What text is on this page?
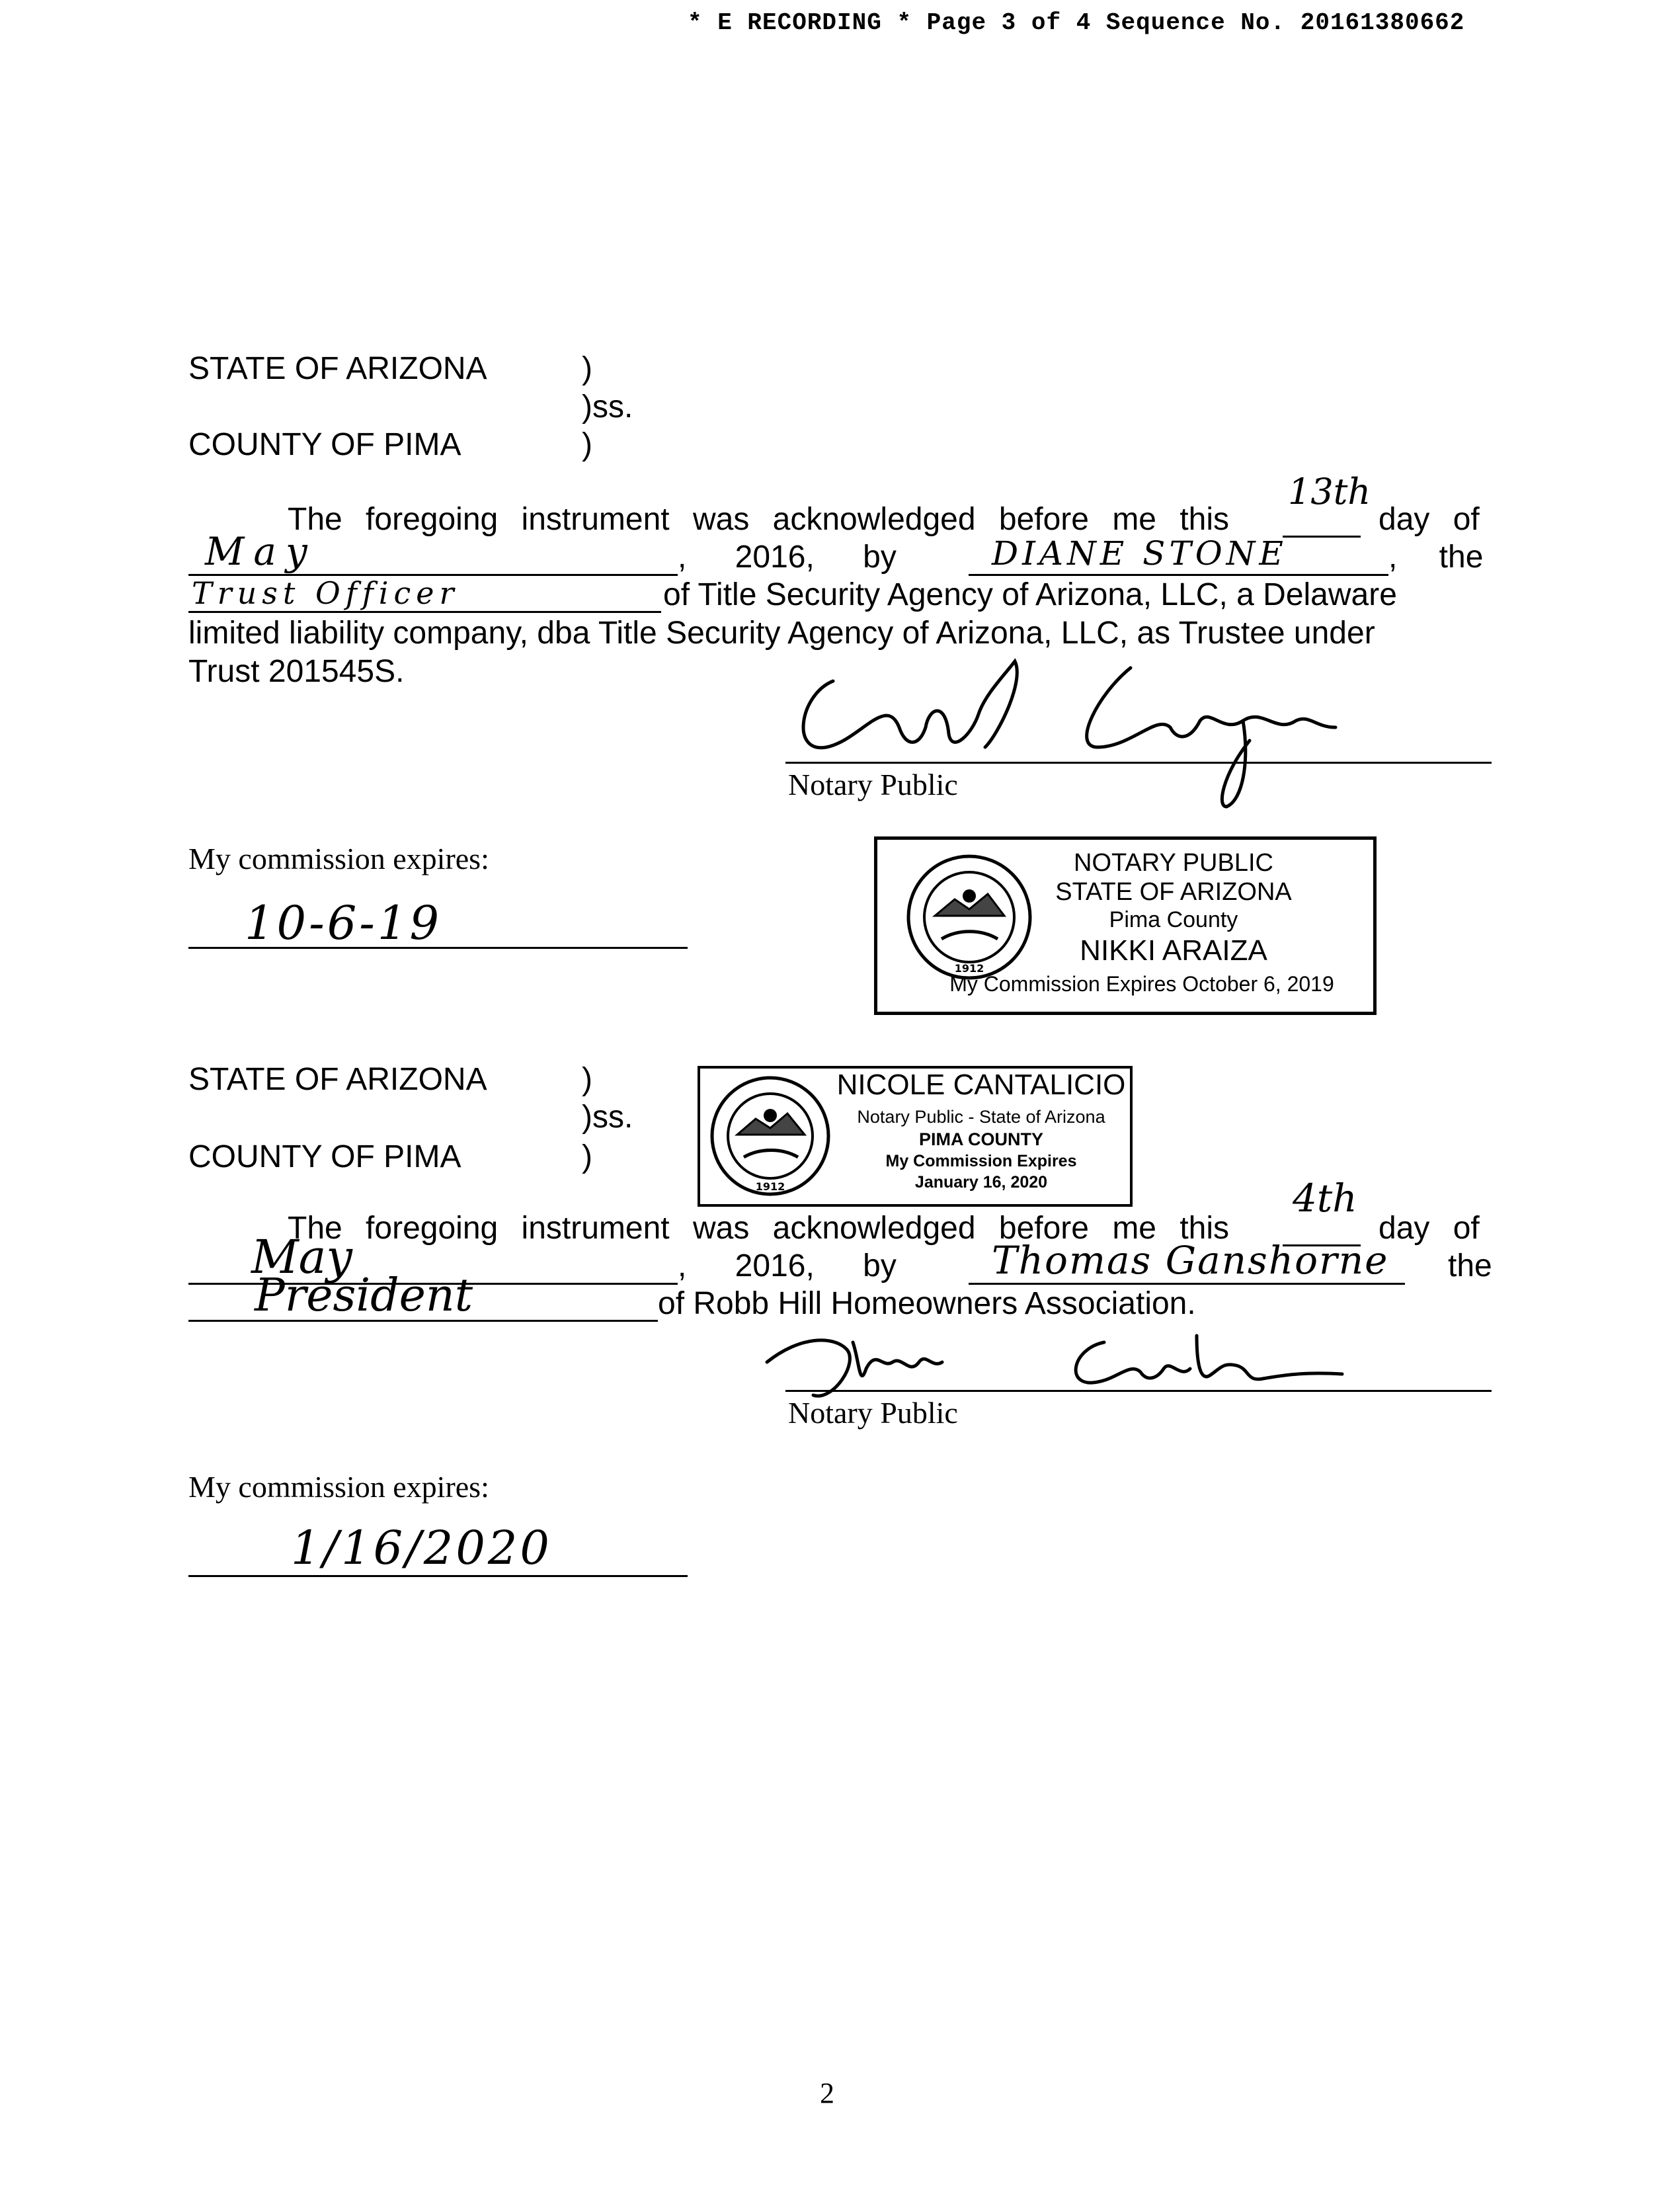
* E RECORDING * Page 3 of 4 Sequence No. 20161380662
STATE OF ARIZONA	)
)ss.
COUNTY OF PIMA	)
The foregoing instrument was acknowledged before me this
13th
day of
May	, 2016, by	DIANE STONE	, the
Trust Officer	of Title Security Agency of Arizona, LLC, a Delaware
limited liability company, dba Title Security Agency of Arizona, LLC, as Trustee under
Trust 201545S.
Notary Public
My commission expires:
10-6-19
1912
NOTARY PUBLIC
STATE OF ARIZONA
Pima County
NIKKI ARAIZA
My Commission Expires October 6, 2019
STATE OF ARIZONA	)
)ss.
COUNTY OF PIMA	)
1912
NICOLE CANTALICIO
Notary Public - State of Arizona
PIMA COUNTY
My Commission Expires
January 16, 2020
The foregoing instrument was acknowledged before me this
4th
day of
May	, 2016, by Thomas Ganshorne the
President	of Robb Hill Homeowners Association.
Notary Public
My commission expires:
1/16/2020
2
